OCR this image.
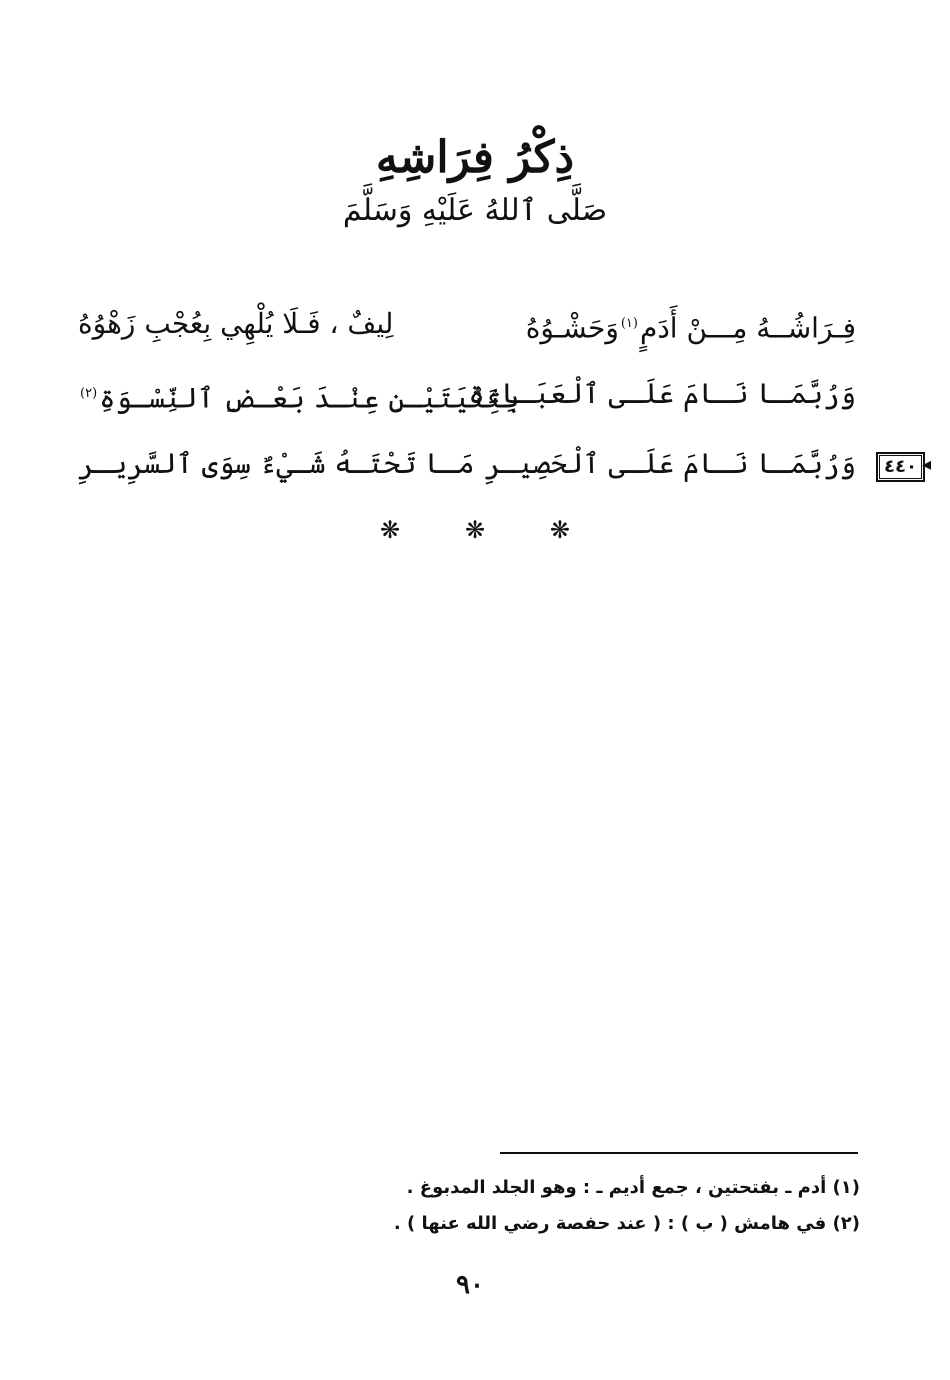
ذِكْرُ فِرَاشِهِ
صَلَّى ٱللهُ عَلَيْهِ وَسَلَّمَ
فِـرَاشُــهُ مِـــنْ أَدَمٍ$^{(١)}$وَحَشْـوُهُ
لِيفٌ ، فَـلَا يُلْهِي بِعُجْبِ زَهْوُهُ
وَرُبَّمَـا نَـامَ عَلَـى ٱلْعَبَـاءَةِ
بِثِنْيَتَيْـنِ عِنْـدَ بَعْـضِ ٱلنِّسْـوَةِ$^{(٢)}$
وَرُبَّمَـا نَـامَ عَلَـى ٱلْحَصِيـرِ
مَـا تَحْتَـهُ شَـيْءٌ سِوَى ٱلسَّرِيـرِ	٤٤٠ ◂
❋	❋	❋
(١) أدم ـ بفتحتين ، جمع أديم ـ : وهو الجلد المدبوغ .
(٢) في هامش ( ب ) : ( عند حفصة رضي الله عنها ) .
٩٠
